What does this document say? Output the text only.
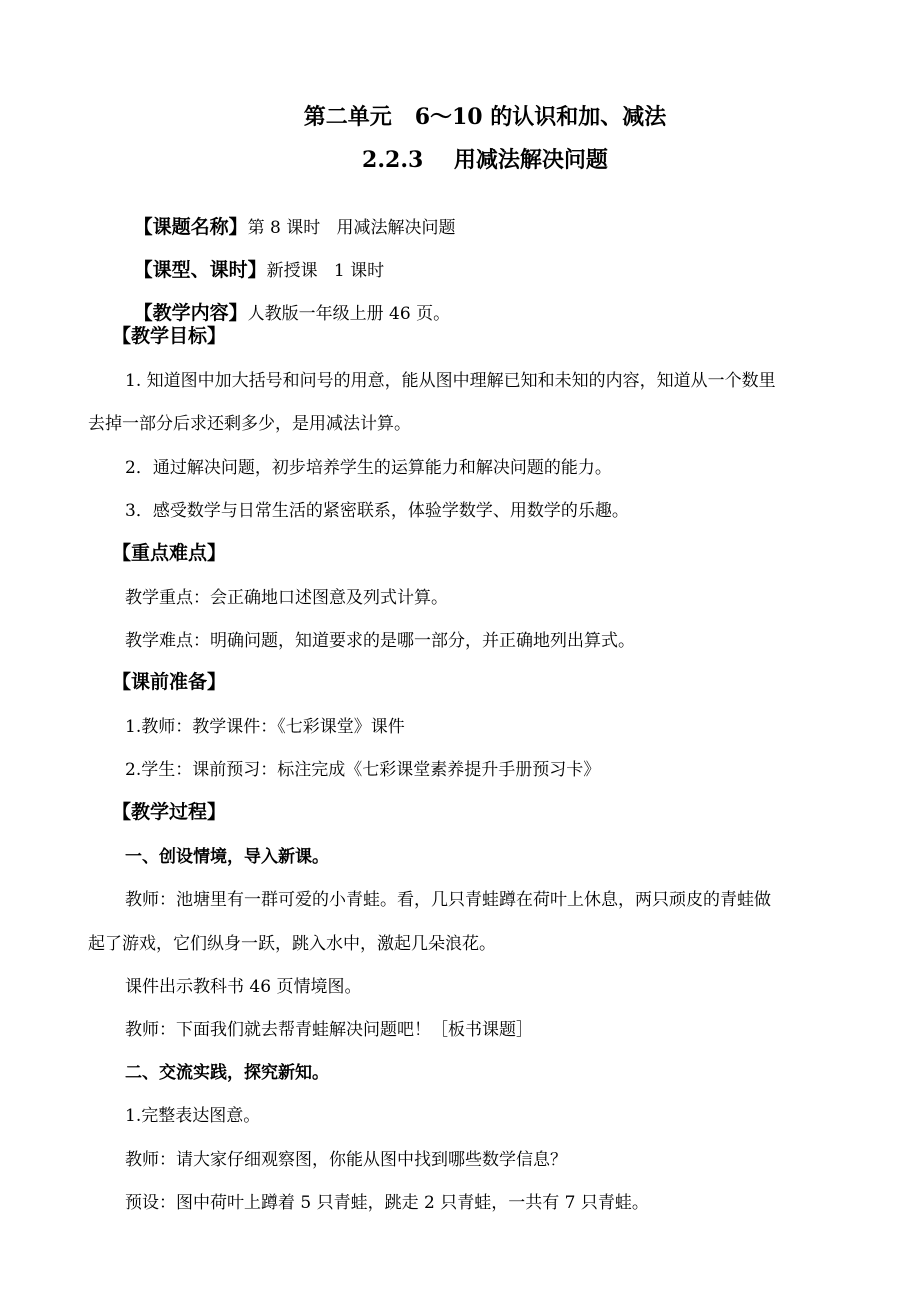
第二单元   6～10 的认识和加、减法
2.2.3    用减法解决问题

【课题名称】第 8 课时   用减法解决问题

【课型、课时】新授课   1 课时

【教学内容】人教版一年级上册 46 页。

【教学目标】
1. 知道图中加大括号和问号的用意，能从图中理解已知和未知的内容，知道从一个数里
去掉一部分后求还剩多少，是用减法计算。
2．通过解决问题，初步培养学生的运算能力和解决问题的能力。
3．感受数学与日常生活的紧密联系，体验学数学、用数学的乐趣。
【重点难点】
教学重点：会正确地口述图意及列式计算。
教学难点：明确问题，知道要求的是哪一部分，并正确地列出算式。
【课前准备】
1.教师：教学课件：《七彩课堂》课件
2.学生：课前预习：标注完成《七彩课堂素养提升手册预习卡》
【教学过程】
一、创设情境，导入新课。
教师：池塘里有一群可爱的小青蛙。看，几只青蛙蹲在荷叶上休息，两只顽皮的青蛙做
起了游戏，它们纵身一跃，跳入水中，激起几朵浪花。
课件出示教科书 46 页情境图。
教师：下面我们就去帮青蛙解决问题吧！［板书课题］
二、交流实践，探究新知。
1.完整表达图意。
教师：请大家仔细观察图，你能从图中找到哪些数学信息？
预设：图中荷叶上蹲着 5 只青蛙，跳走 2 只青蛙，一共有 7 只青蛙。
